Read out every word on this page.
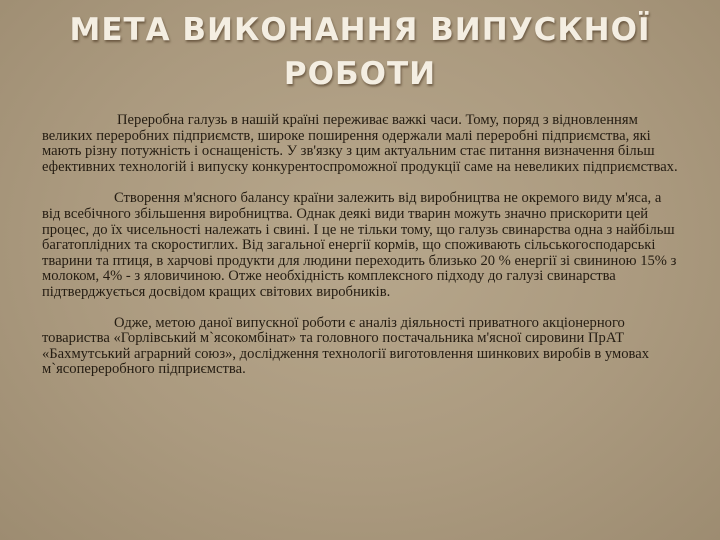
МЕТА ВИКОНАННЯ ВИПУСКНОЇ
РОБОТИ

Переробна галузь в нашій країні переживає важкі часи. Тому, поряд з відновленням великих переробних підприємств, широке поширення одержали малі переробні підприємства, які мають різну потужність і оснащеність. У зв'язку з цим актуальним стає питання визначення більш ефективних технологій і випуску конкурентоспроможної продукції саме на невеликих підприємствах.

Створення м'ясного балансу країни залежить від виробництва не окремого виду м'яса, а від всебічного збільшення виробництва. Однак деякі види тварин можуть значно прискорити цей процес, до їх чисельності належать і свині. І це не тільки тому, що галузь свинарства одна з найбільш багатоплідних та скоростиглих. Від загальної енергії кормів, що споживають сільськогосподарські тварини та птиця, в харчові продукти для людини переходить близько 20 % енергії зі свининою 15% з молоком, 4% - з яловичиною. Отже необхідність комплексного підходу до галузі свинарства підтверджується досвідом кращих світових виробників.

Одже, метою даної випускної роботи є аналіз діяльності приватного акціонерного товариства «Горлівський м`ясокомбінат» та головного постачальника м'ясної сировини ПрАТ «Бахмутський аграрний союз», дослідження технології виготовлення шинкових виробів в умовах м`ясопереробного підприємства.
